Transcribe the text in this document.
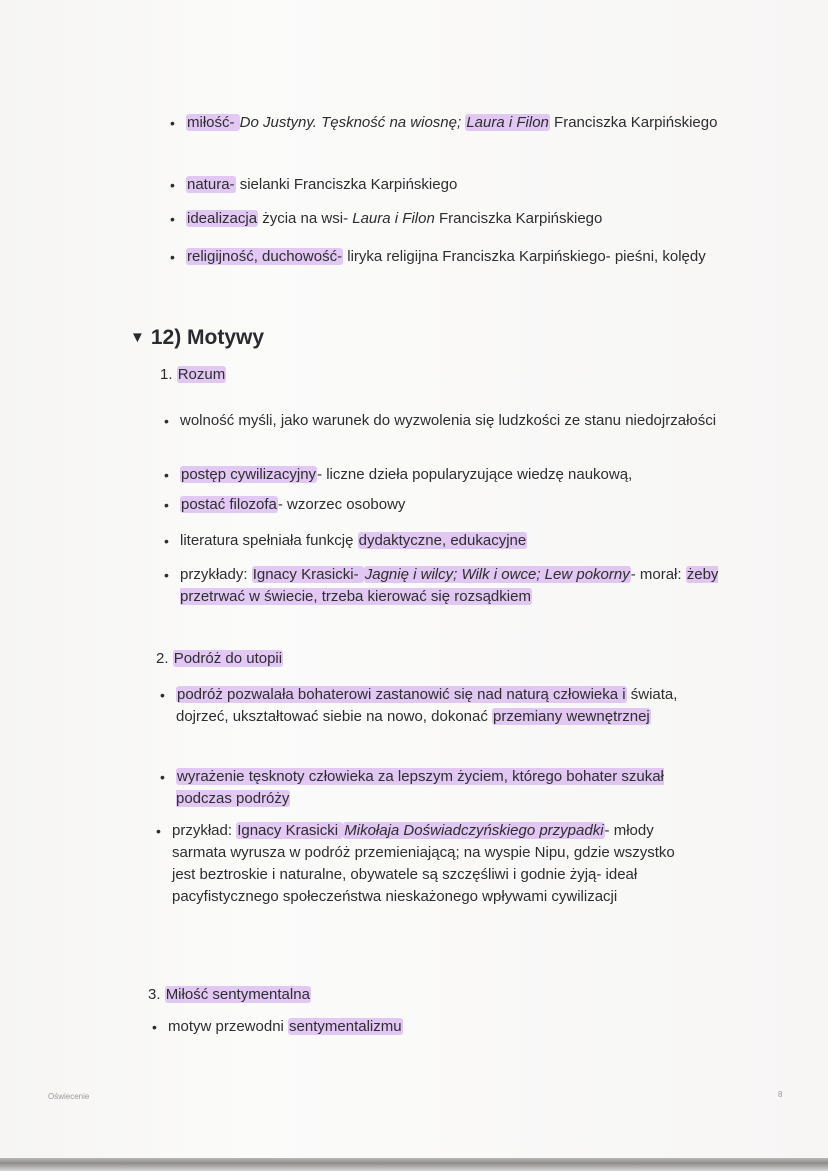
• miłość- Do Justyny. Tęskność na wiosnę; Laura i Filon Franciszka Karpińskiego
• natura- sielanki Franciszka Karpińskiego
• idealizacja życia na wsi- Laura i Filon Franciszka Karpińskiego
• religijność, duchowość- liryka religijna Franciszka Karpińskiego- pieśni, kolędy
▼ 12) Motywy
1. Rozum
• wolność myśli, jako warunek do wyzwolenia się ludzkości ze stanu niedojrzałości
• postęp cywilizacyjny- liczne dzieła popularyzujące wiedzę naukową,
• postać filozofa- wzorzec osobowy
• literatura spełniała funkcję dydaktyczne, edukacyjne
• przykłady: Ignacy Krasicki- Jagnię i wilcy; Wilk i owce; Lew pokorny- morał: żeby przetrwać w świecie, trzeba kierować się rozsądkiem
2. Podróż do utopii
• podróż pozwalała bohaterowi zastanowić się nad naturą człowieka i świata, dojrzeć, ukształtować siebie na nowo, dokonać przemiany wewnętrznej
• wyrażenie tęsknoty człowieka za lepszym życiem, którego bohater szukał podczas podróży
• przykład: Ignacy Krasicki Mikołaja Doświadczyńskiego przypadki- młody sarmata wyrusza w podróż przemieniającą; na wyspie Nipu, gdzie wszystko jest beztroskie i naturalne, obywatele są szczęśliwi i godnie żyją- ideał pacyfistycznego społeczeństwa nieskażonego wpływami cywilizacji
3. Miłość sentymentalna
• motyw przewodni sentymentalizmu
Oświecenie	8
